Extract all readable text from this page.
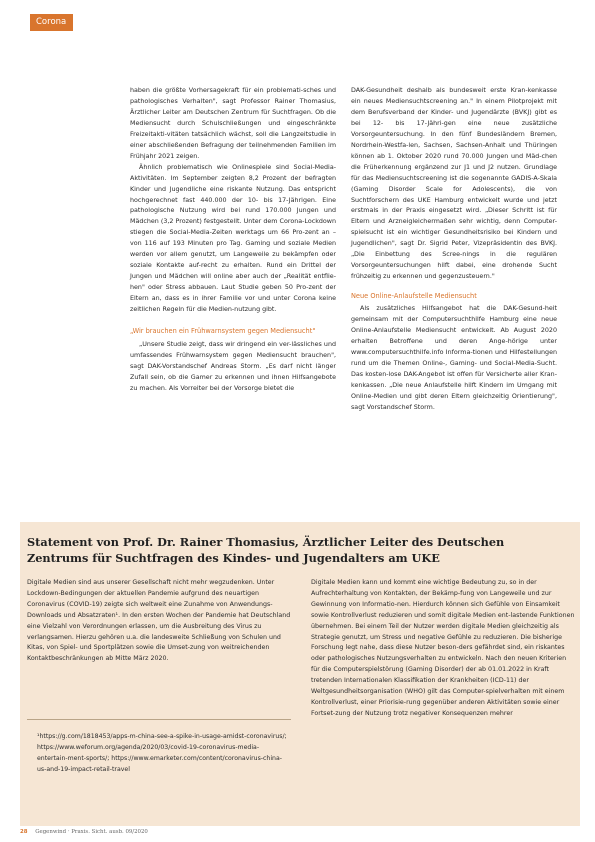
Corona

haben die größte Vorhersagekraft für ein problemati-sches und pathologisches Verhalten", sagt Professor Rainer Thomasius, Ärztlicher Leiter am Deutschen Zentrum für Suchtfragen. Ob die Mediensucht durch Schulschließungen und eingeschränkte Freizeitakti-vitäten tatsächlich wächst, soll die Langzeitstudie in einer abschließenden Befragung der teilnehmenden Familien im Frühjahr 2021 zeigen.

Ähnlich problematisch wie Onlinespiele sind Social-Media-Aktivitäten. Im September zeigten 8,2 Prozent der befragten Kinder und Jugendliche eine riskante Nutzung. Das entspricht hochgerechnet fast 440.000 der 10- bis 17-Jährigen. Eine pathologische Nutzung wird bei rund 170.000 Jungen und Mädchen (3,2 Prozent) festgestellt. Unter dem Corona-Lockdown stiegen die Social-Media-Zeiten werktags um 66 Pro-zent an – von 116 auf 193 Minuten pro Tag. Gaming und soziale Medien werden vor allem genutzt, um Langeweile zu bekämpfen oder soziale Kontakte auf-recht zu erhalten. Rund ein Drittel der Jungen und Mädchen will online aber auch der „Realität entflie-hen" oder Stress abbauen. Laut Studie geben 50 Pro-zent der Eltern an, dass es in ihrer Familie vor und unter Corona keine zeitlichen Regeln für die Medien-nutzung gibt.

„Wir brauchen ein Frühwarnsystem gegen Mediensucht"

„Unsere Studie zeigt, dass wir dringend ein ver-lässliches und umfassendes Frühwarnsystem gegen Mediensucht brauchen", sagt DAK-Vorstandschef Andreas Storm. „Es darf nicht länger Zufall sein, ob die Gamer zu erkennen und ihnen Hilfsangebote zu machen. Als Vorreiter bei der Vorsorge bietet die

DAK-Gesundheit deshalb als bundesweit erste Kran-kenkasse ein neues Mediensuchtscreening an." In einem Pilotprojekt mit dem Berufsverband der Kinder- und Jugendärzte (BVKJ) gibt es bei 12- bis 17-Jähri-gen eine neue zusätzliche Vorsorgeuntersuchung. In den fünf Bundesländern Bremen, Nordrhein-Westfa-len, Sachsen, Sachsen-Anhalt und Thüringen können ab 1. Oktober 2020 rund 70.000 Jungen und Mäd-chen die Früherkennung ergänzend zur J1 und J2 nutzen. Grundlage für das Mediensuchtscreening ist die sogenannte GADIS-A-Skala (Gaming Disorder Scale for Adolescents), die von Suchtforschern des UKE Hamburg entwickelt wurde und jetzt erstmals in der Praxis eingesetzt wird. „Dieser Schritt ist für Eltern und Arzneigleichermaßen sehr wichtig, denn Computer-spielsucht ist ein wichtiger Gesundheitsrisiko bei Kindern und Jugendlichen", sagt Dr. Sigrid Peter, Vizepräsidentin des BVKJ. „Die Einbettung des Scree-nings in die regulären Vorsorgeuntersuchungen hilft dabei, eine drohende Sucht frühzeitig zu erkennen und gegenzusteuern."

Neue Online-Anlaufstelle Mediensucht

Als zusätzliches Hilfsangebot hat die DAK-Gesund-heit gemeinsam mit der Computersuchthilfe Hamburg eine neue Online-Anlaufstelle Mediensucht entwickelt. Ab August 2020 erhalten Betroffene und deren Ange-hörige unter www.computersuchthilfe.info Informa-tionen und Hilfestellungen rund um die Themen Online-, Gaming- und Social-Media-Sucht. Das kosten-lose DAK-Angebot ist offen für Versicherte aller Kran-kenkassen. „Die neue Anlaufstelle hilft Kindern im Umgang mit Online-Medien und gibt deren Eltern gleichzeitig Orientierung", sagt Vorstandschef Storm.

Statement von Prof. Dr. Rainer Thomasius, Ärztlicher Leiter des Deutschen Zentrums für Suchtfragen des Kindes- und Jugendalters am UKE

Digitale Medien sind aus unserer Gesellschaft nicht mehr wegzudenken. Unter Lockdown-Bedingungen der aktuellen Pandemie aufgrund des neuartigen Coronavirus (COVID-19) zeigte sich weltweit eine Zunahme von Anwendungs-Downloads und Absatzraten¹. In den ersten Wochen der Pandemie hat Deutschland eine Vielzahl von Verordnungen erlassen, um die Ausbreitung des Virus zu verlangsamen. Hierzu gehören u.a. die landesweite Schließung von Schulen und Kitas, von Spiel- und Sportplätzen sowie die Umset-zung von weitreichenden Kontaktbeschränkungen ab Mitte März 2020.

¹https://g.com/1818453/apps-m-china-see-a-spike-in-usage-amidst-coronavirus/; https://www.weforum.org/agenda/2020/03/covid-19-coronavirus-media-entertain-ment-sports/; https://www.emarketer.com/content/coronavirus-china-us-and-19-impact-retail-travel

Digitale Medien kann und kommt eine wichtige Bedeutung zu, so in der Aufrechterhaltung von Kontakten, der Bekämp-fung von Langeweile und zur Gewinnung von Informatio-nen. Hierdurch können sich Gefühle von Einsamkeit sowie Kontrollverlust reduzieren und somit digitale Medien ent-lastende Funktionen übernehmen. Bei einem Teil der Nutzer werden digitale Medien gleichzeitig als Strategie genutzt, um Stress und negative Gefühle zu reduzieren. Die bisherige Forschung legt nahe, dass diese Nutzer beson-ders gefährdet sind, ein riskantes oder pathologisches Nutzungsverhalten zu entwickeln. Nach den neuen Kriterien für die Computerspielstörung (Gaming Disorder) der ab 01.01.2022 in Kraft tretenden Internationalen Klassifikation der Krankheiten (ICD-11) der Weltgesundheitsorganisation (WHO) gilt das Computer-spielverhalten mit einem Kontrollverlust, einer Priorisie-rung gegenüber anderen Aktivitäten sowie einer Fortset-zung der Nutzung trotz negativer Konsequenzen mehrer

28 Gegenwind · Praxis. Sicht. ausb. 09/2020
